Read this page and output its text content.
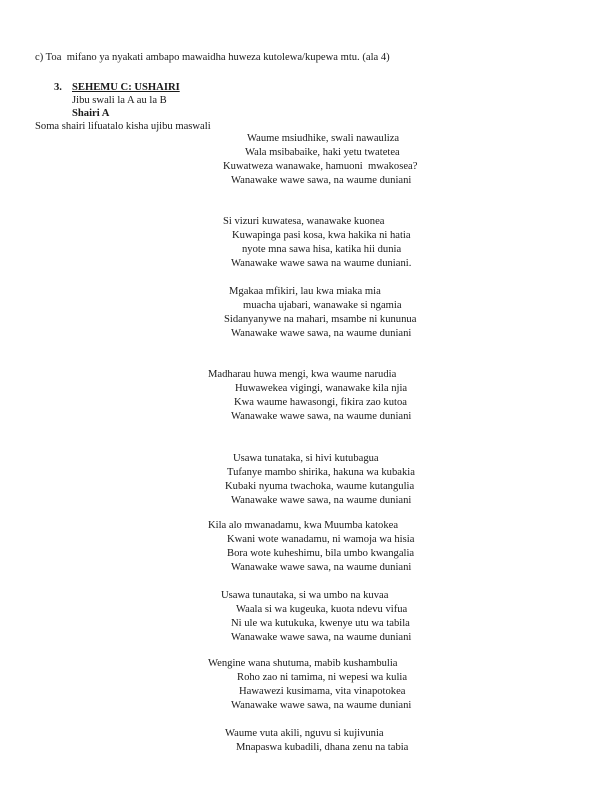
c) Toa  mifano ya nyakati ambapo mawaidha huweza kutolewa/kupewa mtu. (ala 4)
3. SEHEMU C: USHAIRI
Jibu swali la A au la B
Shairi A
Soma shairi lifuatalo kisha ujibu maswali
Waume msiudhike, swali nawauliza
Wala msibabaike, haki yetu twatetea
Kuwatweza wanawake, hamuoni  mwakosea?
Wanawake wawe sawa, na waume duniani
Si vizuri kuwatesa, wanawake kuonea
Kuwapinga pasi kosa, kwa hakika ni hatia
nyote mna sawa hisa, katika hii dunia
Wanawake wawe sawa na waume duniani.
Mgakaa mfikiri, lau kwa miaka mia
muacha ujabari, wanawake si ngamia
Sidanyanywe na mahari, msambe ni kununua
Wanawake wawe sawa, na waume duniani
Madharau huwa mengi, kwa waume narudia
Huwawekea vigingi, wanawake kila njia
Kwa waume hawasongi, fikira zao kutoa
Wanawake wawe sawa, na waume duniani
Usawa tunataka, si hivi kutubagua
Tufanye mambo shirika, hakuna wa kubakia
Kubaki nyuma twachoka, waume kutangulia
Wanawake wawe sawa, na waume duniani
Kila alo mwanadamu, kwa Muumba katokea
Kwani wote wanadamu, ni wamoja wa hisia
Bora wote kuheshimu, bila umbo kwangalia
Wanawake wawe sawa, na waume duniani
Usawa tunautaka, si wa umbo na kuvaa
Waala si wa kugeuka, kuota ndevu vifua
Ni ule wa kutukuka, kwenye utu wa tabila
Wanawake wawe sawa, na waume duniani
Wengine wana shutuma, mabib kushambulia
Roho zao ni tamima, ni wepesi wa kulia
Hawawezi kusimama, vita vinapotokea
Wanawake wawe sawa, na waume duniani
Waume vuta akili, nguvu si kujivunia
Mnapaswa kubadili, dhana zenu na tabia
